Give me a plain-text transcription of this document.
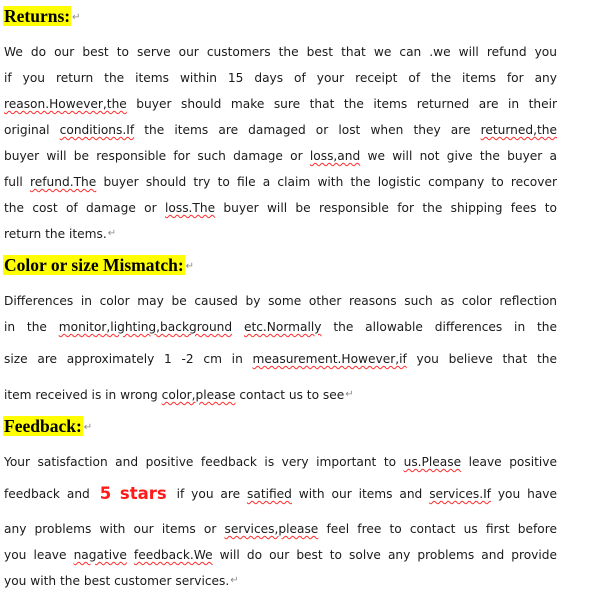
Returns: ↵
We do our best to serve our customers the best that we can .we will refund you
if you return the items within 15 days of your receipt of the items for any
reason.However,the buyer should make sure that the items returned are in their
original conditions.If the items are damaged or lost when they are returned,the
buyer will be responsible for such damage or loss,and we will not give the buyer a
full refund.The buyer should try to file a claim with the logistic company to recover
the cost of damage or loss.The buyer will be responsible for the shipping fees to
return the items.↵
Color or size Mismatch: ↵
Differences in color may be caused by some other reasons such as color reflection
in the monitor,lighting,background etc.Normally the allowable differences in the
size are approximately 1 -2 cm in measurement.However,if you believe that the
item received is in wrong color,please contact us to see↵
Feedback: ↵
Your satisfaction and positive feedback is very important to us.Please leave positive
feedback and 5 stars if you are satified with our items and services.If you have
any problems with our items or services,please feel free to contact us first before
you leave nagative feedback.We will do our best to solve any problems and provide
you with the best customer services.↵
